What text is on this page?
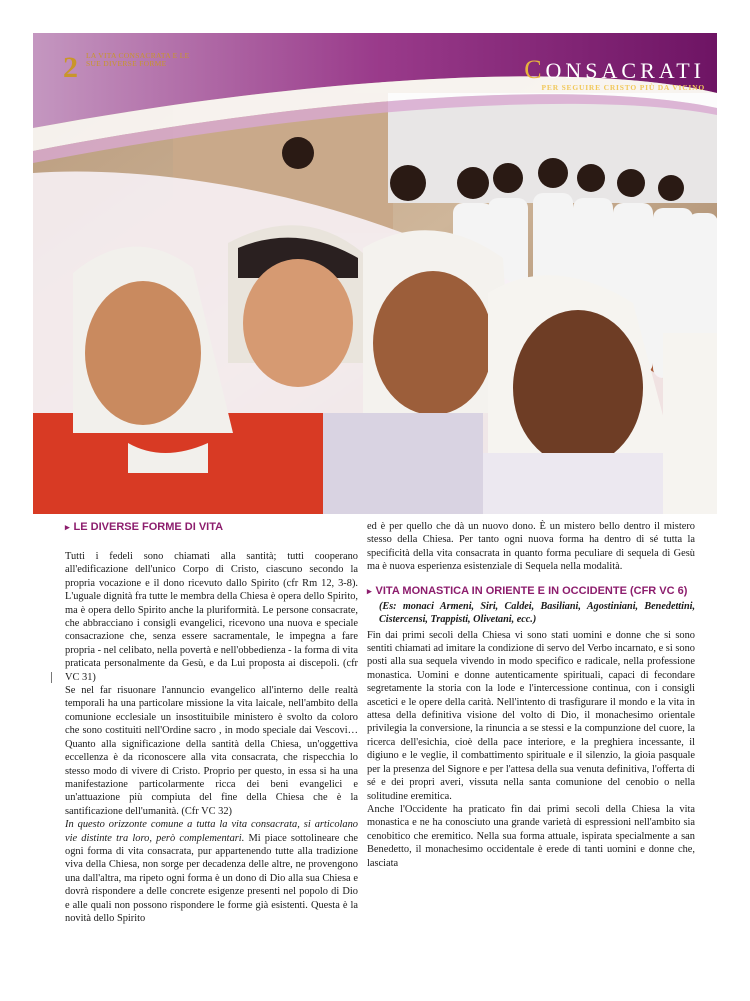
2 LA VITA CONSACRATA E LE SUE DIVERSE FORME	CONSACRATI
PER SEGUIRE CRISTO PIÙ DA VICINO
▸ LE DIVERSE FORME DI VITA

Tutti i fedeli sono chiamati alla santità; tutti cooperano all'edificazione dell'unico Corpo di Cristo, ciascuno secondo la propria vocazione e il dono ricevuto dallo Spirito (cfr Rm 12, 3-8). L'uguale dignità fra tutte le membra della Chiesa è opera dello Spirito, ma è opera dello Spirito anche la pluriformità. Le persone consacrate, che abbracciano i consigli evangelici, ricevono una nuova e speciale consacrazione che, senza essere sacramentale, le impegna a fare propria - nel celibato, nella povertà e nell'obbedienza - la forma di vita praticata personalmente da Gesù, e da Lui proposta ai discepoli. (cfr VC 31)

Se nel far risuonare l'annuncio evangelico all'interno delle realtà temporali ha una particolare missione la vita laicale, nell'ambito della comunione ecclesiale un insostituibile ministero è svolto da coloro che sono costituiti nell'Ordine sacro , in modo speciale dai Vescovi… Quanto alla significazione della santità della Chiesa, un'oggettiva eccellenza è da riconoscere alla vita consacrata, che rispecchia lo stesso modo di vivere di Cristo. Proprio per questo, in essa si ha una manifestazione particolarmente ricca dei beni evangelici e un'attuazione più compiuta del fine della Chiesa che è la santificazione dell'umanità. (Cfr VC 32)

In questo orizzonte comune a tutta la vita consacrata, si articolano vie distinte tra loro, però complementari. Mi piace sottolineare che ogni forma di vita consacrata, pur appartenendo tutte alla tradizione viva della Chiesa, non sorge per decadenza delle altre, ne provengono una dall'altra, ma ripeto ogni forma è un dono di Dio alla sua Chiesa e dovrà rispondere a delle concrete esigenze presenti nel popolo di Dio e alle quali non possono rispondere le forme già esistenti. Questa è la novità dello Spirito

ed è per quello che dà un nuovo dono. È un mistero bello dentro il mistero stesso della Chiesa. Per tanto ogni nuova forma ha dentro di sé tutta la specificità della vita consacrata in quanto forma peculiare di sequela di Gesù ma è nuova esperienza esistenziale di Sequela nella modalità.

▸ VITA MONASTICA IN ORIENTE E IN OCCIDENTE (CFR VC 6)

(Es: monaci Armeni, Siri, Caldei, Basiliani, Agostiniani, Benedettini, Cistercensi, Trappisti, Olivetani, ecc.)

Fin dai primi secoli della Chiesa vi sono stati uomini e donne che si sono sentiti chiamati ad imitare la condizione di servo del Verbo incarnato, e si sono posti alla sua sequela vivendo in modo specifico e radicale, nella professione monastica. Uomini e donne autenticamente spirituali, capaci di fecondare segretamente la storia con la lode e l'intercessione continua, con i consigli ascetici e le opere della carità. Nell'intento di trasfigurare il mondo e la vita in attesa della definitiva visione del volto di Dio, il monachesimo orientale privilegia la conversione, la rinuncia a se stessi e la compunzione del cuore, la ricerca dell'esichia, cioè della pace interiore, e la preghiera incessante, il digiuno e le veglie, il combattimento spirituale e il silenzio, la gioia pasquale per la presenza del Signore e per l'attesa della sua venuta definitiva, l'offerta di sé e dei propri averi, vissuta nella santa comunione del cenobio o nella solitudine eremitica.

Anche l'Occidente ha praticato fin dai primi secoli della Chiesa la vita monastica e ne ha conosciuto una grande varietà di espressioni nell'ambito sia cenobitico che eremitico. Nella sua forma attuale, ispirata specialmente a san Benedetto, il monachesimo occidentale è erede di tanti uomini e donne che, lasciata
